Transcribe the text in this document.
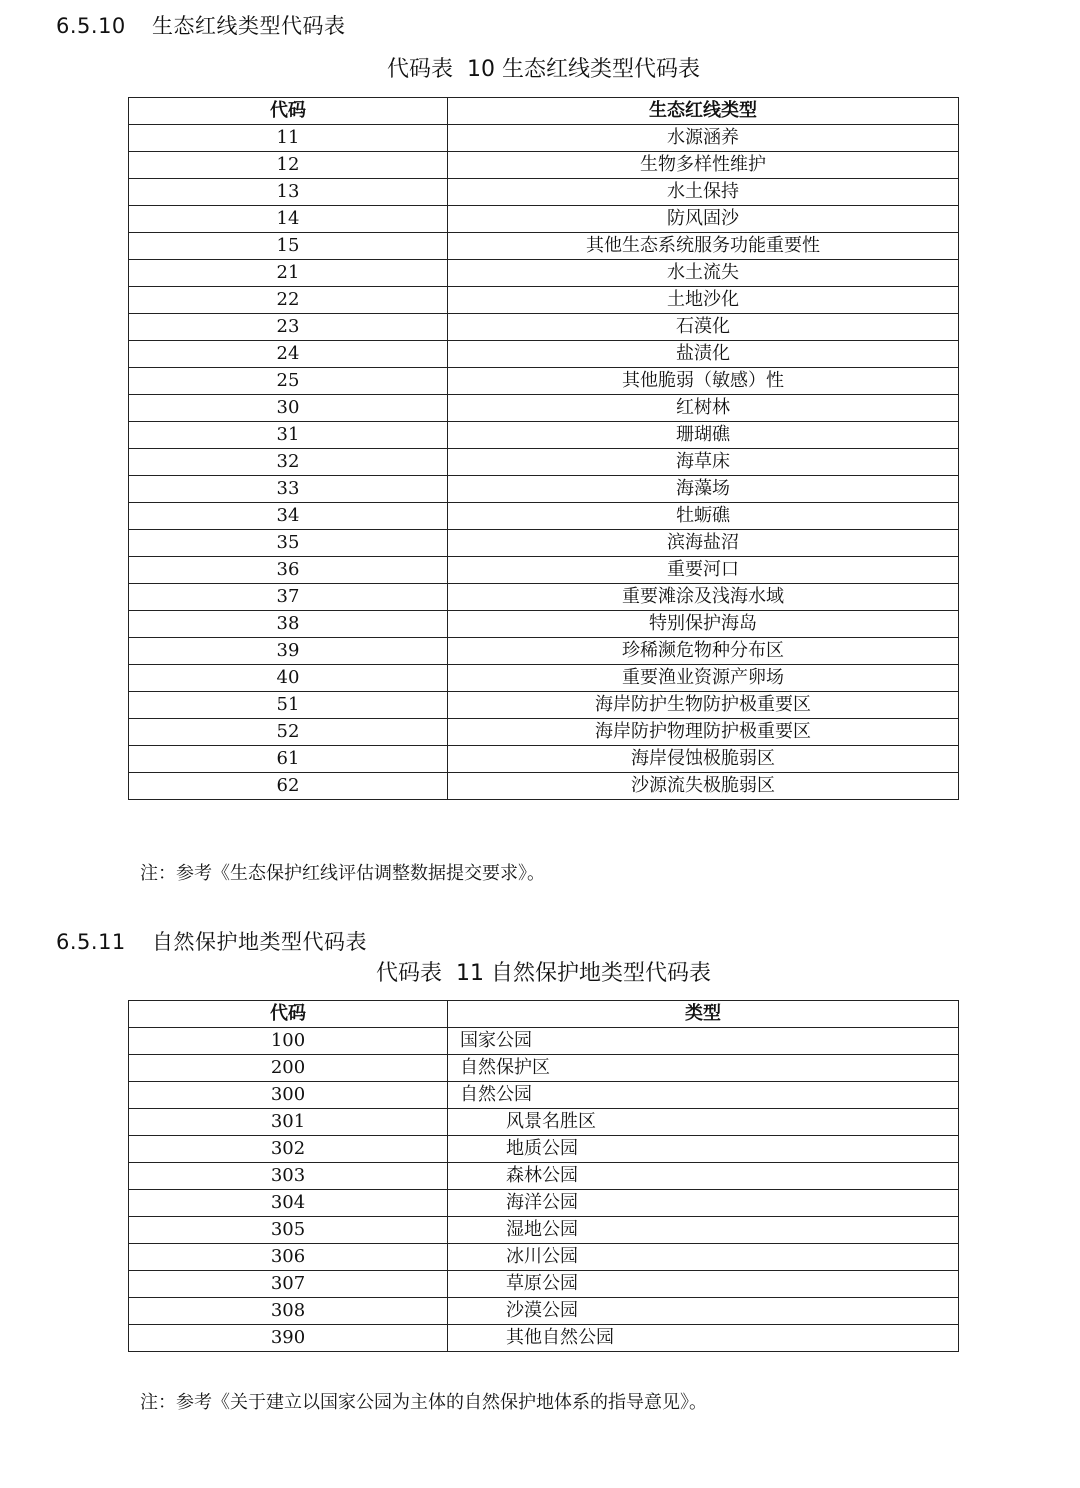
6.5.10 生态红线类型代码表
代码表 10 生态红线类型代码表
代码	生态红线类型
11	水源涵养
12	生物多样性维护
13	水土保持
14	防风固沙
15	其他生态系统服务功能重要性
21	水土流失
22	土地沙化
23	石漠化
24	盐渍化
25	其他脆弱（敏感）性
30	红树林
31	珊瑚礁
32	海草床
33	海藻场
34	牡蛎礁
35	滨海盐沼
36	重要河口
37	重要滩涂及浅海水域
38	特别保护海岛
39	珍稀濒危物种分布区
40	重要渔业资源产卵场
51	海岸防护生物防护极重要区
52	海岸防护物理防护极重要区
61	海岸侵蚀极脆弱区
62	沙源流失极脆弱区
注：参考《生态保护红线评估调整数据提交要求》。
6.5.11 自然保护地类型代码表
代码表 11 自然保护地类型代码表
代码	类型
100	国家公园
200	自然保护区
300	自然公园
301	风景名胜区
302	地质公园
303	森林公园
304	海洋公园
305	湿地公园
306	冰川公园
307	草原公园
308	沙漠公园
390	其他自然公园
注：参考《关于建立以国家公园为主体的自然保护地体系的指导意见》。
